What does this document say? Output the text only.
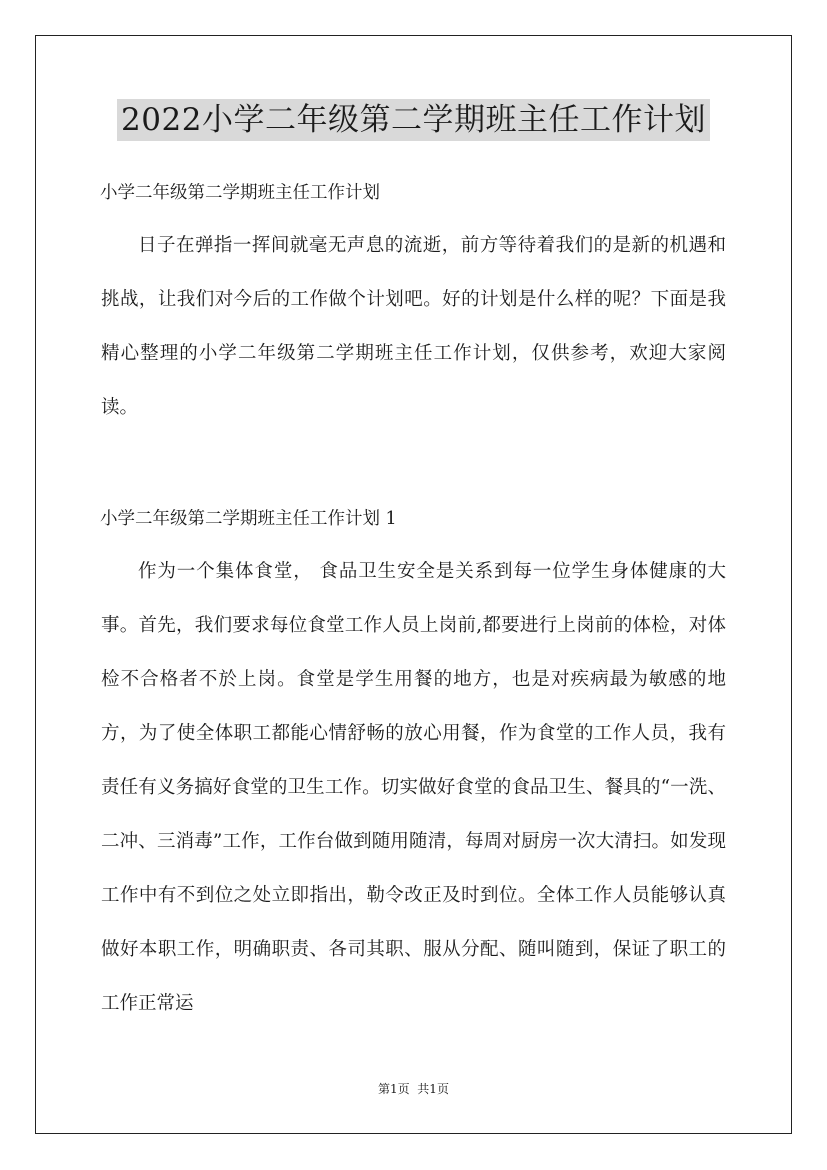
2022小学二年级第二学期班主任工作计划
小学二年级第二学期班主任工作计划

日子在弹指一挥间就毫无声息的流逝，前方等待着我们的是新的机遇和挑战，让我们对今后的工作做个计划吧。好的计划是什么样的呢？下面是我精心整理的小学二年级第二学期班主任工作计划，仅供参考，欢迎大家阅读。

小学二年级第二学期班主任工作计划 1

作为一个集体食堂， 食品卫生安全是关系到每一位学生身体健康的大事。首先，我们要求每位食堂工作人员上岗前,都要进行上岗前的体检，对体检不合格者不於上岗。食堂是学生用餐的地方，也是对疾病最为敏感的地方，为了使全体职工都能心情舒畅的放心用餐，作为食堂的工作人员，我有责任有义务搞好食堂的卫生工作。切实做好食堂的食品卫生、餐具的“一洗、二冲、三消毒”工作，工作台做到随用随清，每周对厨房一次大清扫。如发现工作中有不到位之处立即指出，勒令改正及时到位。全体工作人员能够认真做好本职工作，明确职责、各司其职、服从分配、随叫随到，保证了职工的工作正常运

第1页  共1页
